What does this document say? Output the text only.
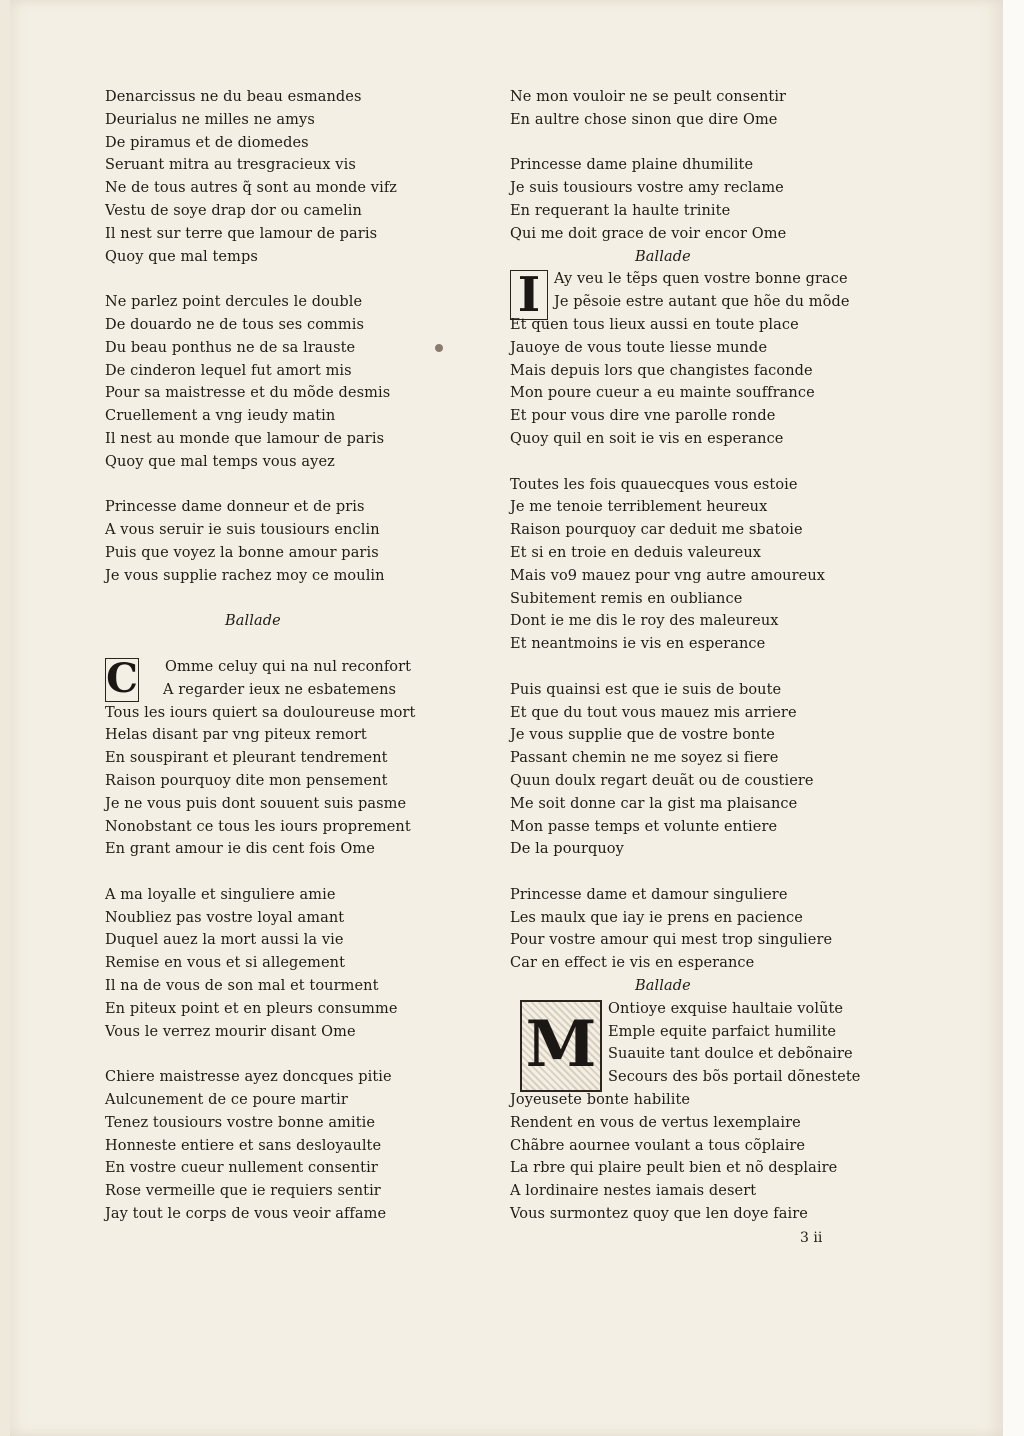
Denarcissus ne du beau esmandes
Deurialus ne milles ne amys
De piramus et de diomedes
Seruant mitra au tresgracieux vis
Ne de tous autres q̃ sont au monde vifz
Vestu de soye drap dor ou camelin
Il nest sur terre que lamour de paris
Quoy que mal temps
Ne parlez point dercules le double
De douardo ne de tous ses commis
Du beau ponthus ne de sa lrauste
De cinderon lequel fut amort mis
Pour sa maistresse et du mõde desmis
Cruellement a vng ieudy matin
Il nest au monde que lamour de paris
Quoy que mal temps vous ayez
Princesse dame donneur et de pris
A vous seruir ie suis tousiours enclin
Puis que voyez la bonne amour paris
Je vous supplie rachez moy ce moulin
Ballade
C	Omme celuy qui na nul reconfort
A regarder ieux ne esbatemens
Tous les iours quiert sa douloureuse mort
Helas disant par vng piteux remort
En souspirant et pleurant tendrement
Raison pourquoy dite mon pensement
Je ne vous puis dont souuent suis pasme
Nonobstant ce tous les iours proprement
En grant amour ie dis cent fois Ome
A ma loyalle et singuliere amie
Noubliez pas vostre loyal amant
Duquel auez la mort aussi la vie
Remise en vous et si allegement
Il na de vous de son mal et tourment
En piteux point et en pleurs consumme
Vous le verrez mourir disant Ome
Chiere maistresse ayez doncques pitie
Aulcunement de ce poure martir
Tenez tousiours vostre bonne amitie
Honneste entiere et sans desloyaulte
En vostre cueur nullement consentir
Rose vermeille que ie requiers sentir
Jay tout le corps de vous veoir affame
Ne mon vouloir ne se peult consentir
En aultre chose sinon que dire Ome
Princesse dame plaine dhumilite
Je suis tousiours vostre amy reclame
En requerant la haulte trinite
Qui me doit grace de voir encor Ome
Ballade
I Ay veu le tẽps quen vostre bonne grace
Je pẽsoie estre autant que hõe du mõde
Et quen tous lieux aussi en toute place
Jauoye de vous toute liesse munde
Mais depuis lors que changistes faconde
Mon poure cueur a eu mainte souffrance
Et pour vous dire vne parolle ronde
Quoy quil en soit ie vis en esperance
Toutes les fois quauecques vous estoie
Je me tenoie terriblement heureux
Raison pourquoy car deduit me sbatoie
Et si en troie en deduis valeureux
Mais vo9 mauez pour vng autre amoureux
Subitement remis en oubliance
Dont ie me dis le roy des maleureux
Et neantmoins ie vis en esperance
Puis quainsi est que ie suis de boute
Et que du tout vous mauez mis arriere
Je vous supplie que de vostre bonte
Passant chemin ne me soyez si fiere
Quun doulx regart deuãt ou de coustiere
Me soit donne car la gist ma plaisance
Mon passe temps et volunte entiere
De la pourquoy
Princesse dame et damour singuliere
Les maulx que iay ie prens en pacience
Pour vostre amour qui mest trop singuliere
Car en effect ie vis en esperance
Ballade
M Ontioye exquise haultaie volũte
Emple equite parfaict humilite
Suauite tant doulce et debõnaire
Secours des bõs portail dõnestete
Joyeusete bonte habilite
Rendent en vous de vertus lexemplaire
Chãbre aournee voulant a tous cõplaire
La rbre qui plaire peult bien et nõ desplaire
A lordinaire nestes iamais desert
Vous surmontez quoy que len doye faire
3 ii
